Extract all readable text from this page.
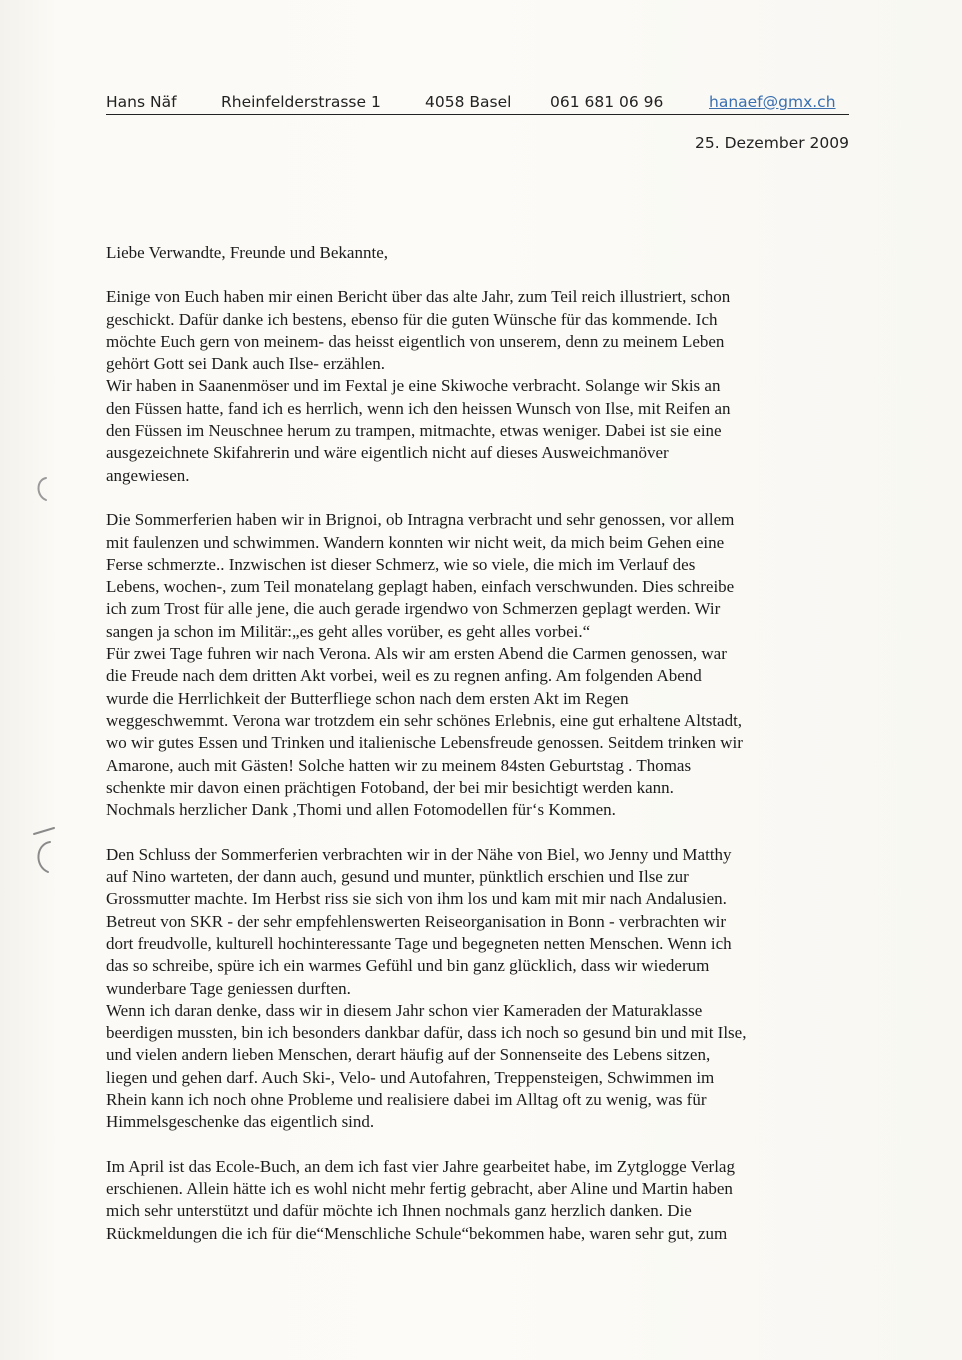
Hans Näf	Rheinfelderstrasse 1	4058 Basel 061 681 06 96	hanaef@gmx.ch
25. Dezember 2009
Liebe Verwandte, Freunde und Bekannte,
Einige von Euch haben mir einen Bericht über das alte Jahr, zum Teil reich illustriert, schon
geschickt. Dafür danke ich bestens, ebenso für die guten Wünsche für das kommende. Ich
möchte Euch gern von meinem- das heisst eigentlich von unserem, denn zu meinem Leben
gehört Gott sei Dank auch Ilse- erzählen.
Wir haben in Saanenmöser und im Fextal je eine Skiwoche verbracht. Solange wir Skis an
den Füssen hatte, fand ich es herrlich, wenn ich den heissen Wunsch von Ilse, mit Reifen an
den Füssen im Neuschnee herum zu trampen, mitmachte, etwas weniger. Dabei ist sie eine
ausgezeichnete Skifahrerin und wäre eigentlich nicht auf dieses Ausweichmanöver
angewiesen.
Die Sommerferien haben wir in Brignoi, ob Intragna verbracht und sehr genossen, vor allem
mit faulenzen und schwimmen. Wandern konnten wir nicht weit, da mich beim Gehen eine
Ferse schmerzte.. Inzwischen ist dieser Schmerz, wie so viele, die mich im Verlauf des
Lebens, wochen-, zum Teil monatelang geplagt haben, einfach verschwunden. Dies schreibe
ich zum Trost für alle jene, die auch gerade irgendwo von Schmerzen geplagt werden. Wir
sangen ja schon im Militär:„es geht alles vorüber, es geht alles vorbei.“
Für zwei Tage fuhren wir nach Verona. Als wir am ersten Abend die Carmen genossen, war
die Freude nach dem dritten Akt vorbei, weil es zu regnen anfing. Am folgenden Abend
wurde die Herrlichkeit der Butterfliege schon nach dem ersten Akt im Regen
weggeschwemmt. Verona war trotzdem ein sehr schönes Erlebnis, eine gut erhaltene Altstadt,
wo wir gutes Essen und Trinken und italienische Lebensfreude genossen. Seitdem trinken wir
Amarone, auch mit Gästen! Solche hatten wir zu meinem 84sten Geburtstag . Thomas
schenkte mir davon einen prächtigen Fotoband, der bei mir besichtigt werden kann.
Nochmals herzlicher Dank ,Thomi und allen Fotomodellen für‘s Kommen.
Den Schluss der Sommerferien verbrachten wir in der Nähe von Biel, wo Jenny und Matthy
auf Nino warteten, der dann auch, gesund und munter, pünktlich erschien und Ilse zur
Grossmutter machte. Im Herbst riss sie sich von ihm los und kam mit mir nach Andalusien.
Betreut von SKR - der sehr empfehlenswerten Reiseorganisation in Bonn - verbrachten wir
dort freudvolle, kulturell hochinteressante Tage und begegneten netten Menschen. Wenn ich
das so schreibe, spüre ich ein warmes Gefühl und bin ganz glücklich, dass wir wiederum
wunderbare Tage geniessen durften.
Wenn ich daran denke, dass wir in diesem Jahr schon vier Kameraden der Maturaklasse
beerdigen mussten, bin ich besonders dankbar dafür, dass ich noch so gesund bin und mit Ilse,
und vielen andern lieben Menschen, derart häufig auf der Sonnenseite des Lebens sitzen,
liegen und gehen darf. Auch Ski-, Velo- und Autofahren, Treppensteigen, Schwimmen im
Rhein kann ich noch ohne Probleme und realisiere dabei im Alltag oft zu wenig, was für
Himmelsgeschenke das eigentlich sind.
Im April ist das Ecole-Buch, an dem ich fast vier Jahre gearbeitet habe, im Zytglogge Verlag
erschienen. Allein hätte ich es wohl nicht mehr fertig gebracht, aber Aline und Martin haben
mich sehr unterstützt und dafür möchte ich Ihnen nochmals ganz herzlich danken. Die
Rückmeldungen die ich für die“Menschliche Schule“bekommen habe, waren sehr gut, zum
